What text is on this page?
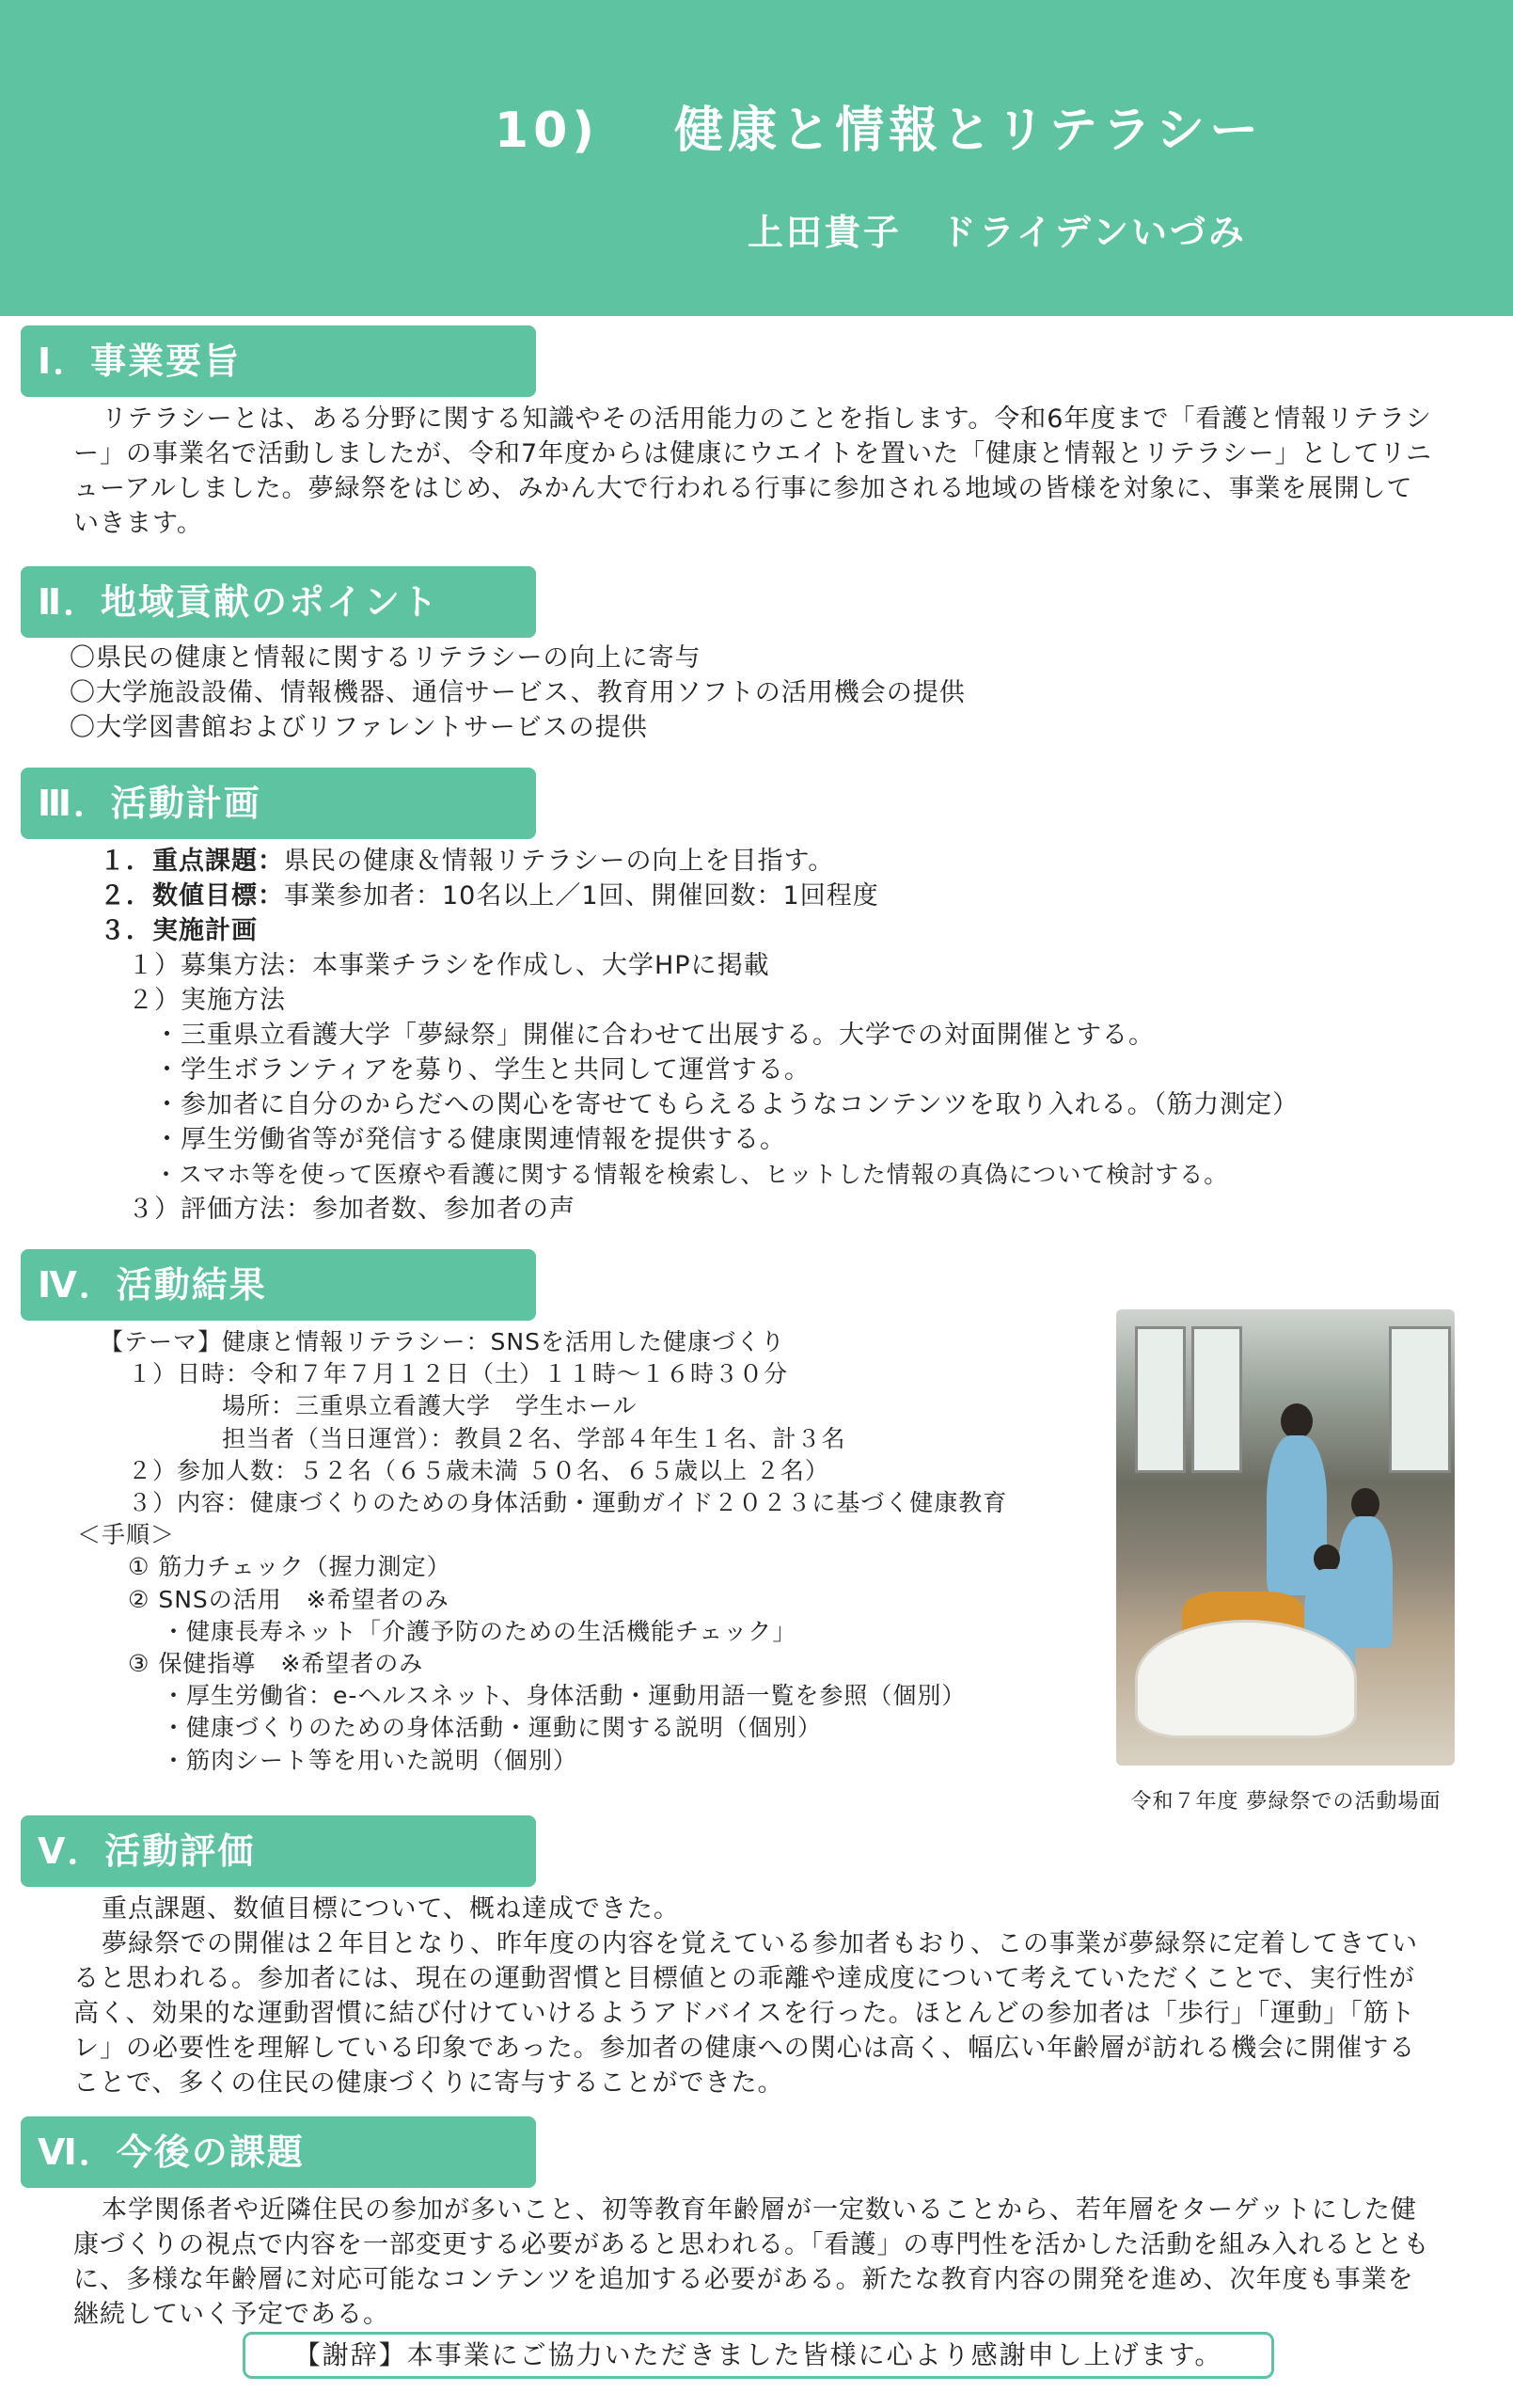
10)　 健康と情報とリテラシー
上田貴子　ドライデンいづみ
Ⅰ．事業要旨
リテラシーとは、ある分野に関する知識やその活用能力のことを指します。令和6年度まで「看護と情報リテラシー」の事業名で活動しましたが、令和7年度からは健康にウエイトを置いた「健康と情報とリテラシー」としてリニューアルしました。夢緑祭をはじめ、みかん大で行われる行事に参加される地域の皆様を対象に、事業を展開していきます。
Ⅱ．地域貢献のポイント
〇県民の健康と情報に関するリテラシーの向上に寄与
〇大学施設設備、情報機器、通信サービス、教育用ソフトの活用機会の提供
〇大学図書館およびリファレントサービスの提供
Ⅲ．活動計画
１．重点課題：県民の健康＆情報リテラシーの向上を目指す。
２．数値目標：事業参加者：10名以上／1回、開催回数：1回程度
３．実施計画
１）募集方法：本事業チラシを作成し、大学HPに掲載
２）実施方法
・三重県立看護大学「夢緑祭」開催に合わせて出展する。大学での対面開催とする。
・学生ボランティアを募り、学生と共同して運営する。
・参加者に自分のからだへの関心を寄せてもらえるようなコンテンツを取り入れる。（筋力測定）
・厚生労働省等が発信する健康関連情報を提供する。
・スマホ等を使って医療や看護に関する情報を検索し、ヒットした情報の真偽について検討する。
３）評価方法：参加者数、参加者の声
Ⅳ．活動結果
【テーマ】健康と情報リテラシー：SNSを活用した健康づくり
１）日時：令和７年７月１２日（土）１１時～１６時３０分
場所：三重県立看護大学　学生ホール
担当者（当日運営）：教員２名、学部４年生１名、計３名
２）参加人数：５２名（６５歳未満 ５０名、６５歳以上 ２名）
３）内容：健康づくりのための身体活動・運動ガイド２０２３に基づく健康教育
＜手順＞
① 筋力チェック（握力測定）
② SNSの活用　※希望者のみ
・健康長寿ネット「介護予防のための生活機能チェック」
③ 保健指導　※希望者のみ
・厚生労働省：e-ヘルスネット、身体活動・運動用語一覧を参照（個別）
・健康づくりのための身体活動・運動に関する説明（個別）
・筋肉シート等を用いた説明（個別）
令和７年度 夢緑祭での活動場面
Ⅴ．活動評価
重点課題、数値目標について、概ね達成できた。
夢緑祭での開催は２年目となり、昨年度の内容を覚えている参加者もおり、この事業が夢緑祭に定着してきていると思われる。参加者には、現在の運動習慣と目標値との乖離や達成度について考えていただくことで、実行性が高く、効果的な運動習慣に結び付けていけるようアドバイスを行った。ほとんどの参加者は「歩行」「運動」「筋トレ」の必要性を理解している印象であった。参加者の健康への関心は高く、幅広い年齢層が訪れる機会に開催することで、多くの住民の健康づくりに寄与することができた。
Ⅵ．今後の課題
本学関係者や近隣住民の参加が多いこと、初等教育年齢層が一定数いることから、若年層をターゲットにした健康づくりの視点で内容を一部変更する必要があると思われる。「看護」の専門性を活かした活動を組み入れるとともに、多様な年齢層に対応可能なコンテンツを追加する必要がある。新たな教育内容の開発を進め、次年度も事業を継続していく予定である。
【謝辞】本事業にご協力いただきました皆様に心より感謝申し上げます。
